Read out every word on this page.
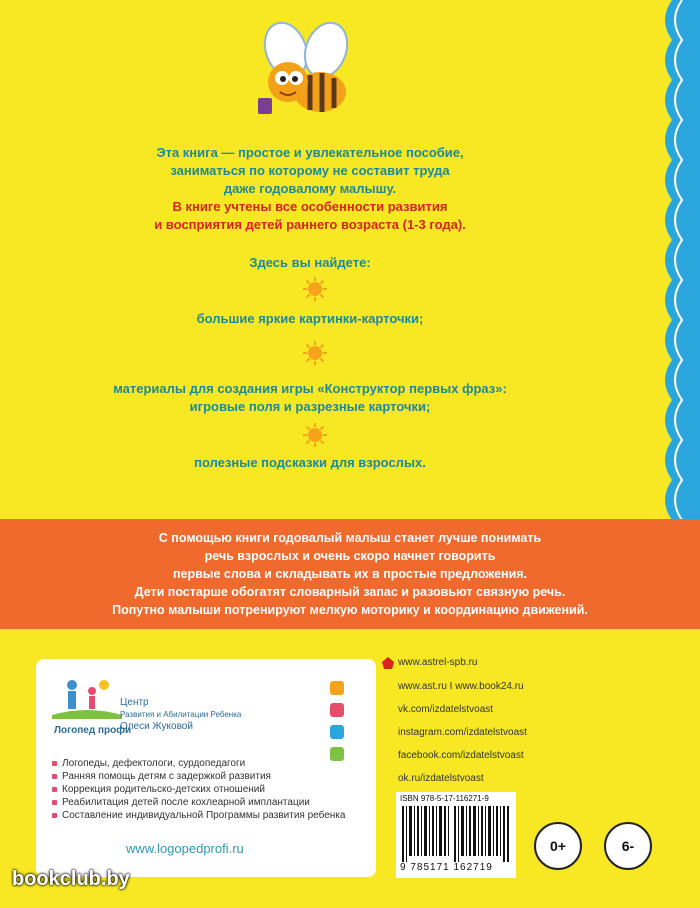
Эта книга — простое и увлекательное пособие,
заниматься по которому не составит труда
даже годовалому малышу.
В книге учтены все особенности развития
и восприятия детей раннего возраста (1-3 года).
Здесь вы найдете:
большие яркие картинки-карточки;
материалы для создания игры «Конструктор первых фраз»:
игровые поля и разрезные карточки;
полезные подсказки для взрослых.
С помощью книги годовалый малыш станет лучше понимать
речь взрослых и очень скоро начнет говорить
первые слова и складывать их в простые предложения.
Дети постарше обогатят словарный запас и разовьют связную речь.
Попутно малыши потренируют мелкую моторику и координацию движений.
Логопед профи
Центр
Развития и Абилитации Ребенка
Олеси Жуковой
Логопеды, дефектологи, сурдопедагоги
Ранняя помощь детям с задержкой развития
Коррекция родительско-детских отношений
Реабилитация детей после кохлеарной имплантации
Составление индивидуальной Программы развития ребенка
www.logopedprofi.ru
www.astrel-spb.ru
www.ast.ru I www.book24.ru
vk.com/izdatelstvoast
instagram.com/izdatelstvoast
facebook.com/izdatelstvoast
ok.ru/izdatelstvoast
ISBN 978-5-17-116271-9
9 785171 162719
0+	6-
bookclub.by
